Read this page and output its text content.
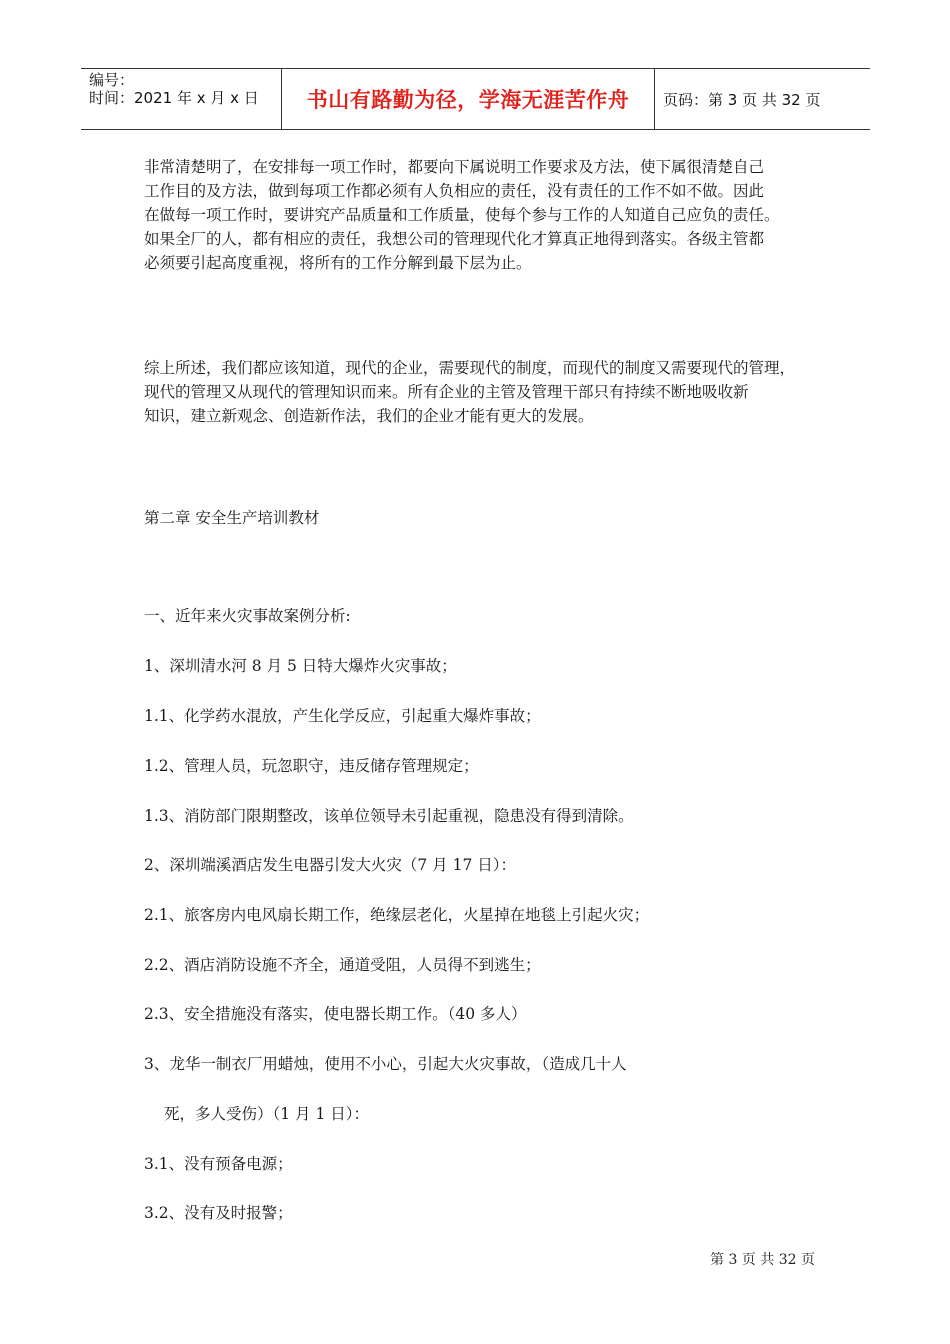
编号：
时间：2021 年 x 月 x 日 书山有路勤为径，学海无涯苦作舟 页码：第 3 页 共 32 页
非常清楚明了，在安排每一项工作时，都要向下属说明工作要求及方法，使下属很清楚自己
工作目的及方法，做到每项工作都必须有人负相应的责任，没有责任的工作不如不做。因此
在做每一项工作时，要讲究产品质量和工作质量，使每个参与工作的人知道自己应负的责任。
如果全厂的人，都有相应的责任，我想公司的管理现代化才算真正地得到落实。各级主管都
必须要引起高度重视，将所有的工作分解到最下层为止。
综上所述，我们都应该知道，现代的企业，需要现代的制度，而现代的制度又需要现代的管理，
现代的管理又从现代的管理知识而来。所有企业的主管及管理干部只有持续不断地吸收新
知识，建立新观念、创造新作法，我们的企业才能有更大的发展。
第二章 安全生产培训教材
一、近年来火灾事故案例分析:
1、深圳清水河 8 月 5 日特大爆炸火灾事故；
1.1、化学药水混放，产生化学反应，引起重大爆炸事故；
1.2、管理人员，玩忽职守，违反储存管理规定；
1.3、消防部门限期整改，该单位领导未引起重视，隐患没有得到清除。
2、深圳端溪酒店发生电器引发大火灾（7 月 17 日）：
2.1、旅客房内电风扇长期工作，绝缘层老化，火星掉在地毯上引起火灾；
2.2、酒店消防设施不齐全，通道受阻，人员得不到逃生；
2.3、安全措施没有落实，使电器长期工作。（40 多人）
3、龙华一制衣厂用蜡烛，使用不小心，引起大火灾事故，（造成几十人
死，多人受伤）（1 月 1 日）：
3.1、没有预备电源；
3.2、没有及时报警；
第 3 页 共 32 页
